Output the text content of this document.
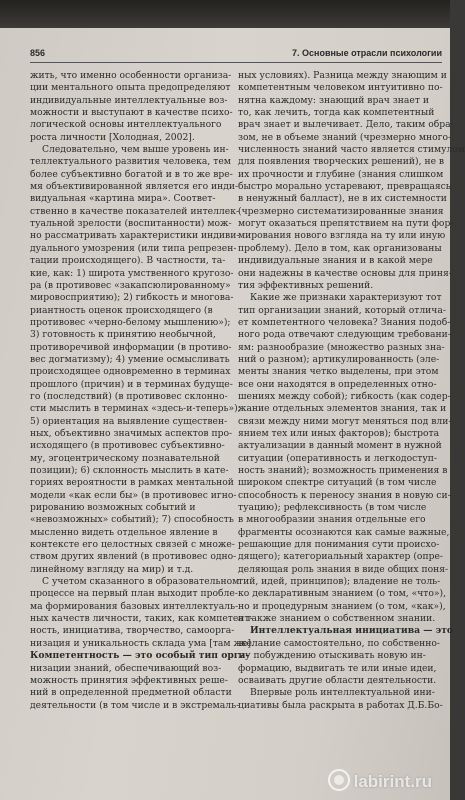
856	7. Основные отрасли психологии
жить, что именно особенности организа-
ции ментального опыта предопределяют
индивидуальные интеллектуальные воз-
можности и выступают в качестве психо-
логической основы интеллектуального
роста личности [Холодная, 2002].
Следовательно, чем выше уровень ин-
теллектуального развития человека, тем
более субъективно богатой и в то же вре-
мя объективированной является его инди-
видуальная «картина мира». Соответ-
ственно в качестве показателей интеллек-
туальной зрелости (воспитанности) мож-
но рассматривать характеристики индиви-
дуального умозрения (или типа репрезен-
тации происходящего). В частности, та-
кие, как: 1) широта умственного кругозо-
ра (в противовес «закапсюлированному»
мировосприятию); 2) гибкость и многова-
риантность оценок происходящего (в
противовес «черно-белому мышлению»);
3) готовность к принятию необычной,
противоречивой информации (в противо-
вес догматизму); 4) умение осмысливать
происходящее одновременно в терминах
прошлого (причин) и в терминах будуще-
го (последствий) (в противовес склонно-
сти мыслить в терминах «здесь-и-теперь»);
5) ориентация на выявление существен-
ных, объективно значимых аспектов про-
исходящего (в противовес субъективно-
му, эгоцентрическому познавательной
позиции); 6) склонность мыслить в кате-
гориях вероятности в рамках ментальной
модели «как если бы» (в противовес игно-
рированию возможных событий и
«невозможных» событий); 7) способность
мысленно видеть отдельное явление в
контексте его целостных связей с множе-
ством других явлений (в противовес одно-
линейному взгляду на мир) и т.д.
С учетом сказанного в образовательном
процессе на первый план выходит пробле-
ма формирования базовых интеллектуаль-
ных качеств личности, таких, как компетент-
ность, инициатива, творчество, самоорга-
низация и уникальность склада ума [там же].
Компетентность — это особый тип орга-
низации знаний, обеспечивающий воз-
можность принятия эффективных реше-
ний в определенной предметной области
деятельности (в том числе и в экстремаль-
ных условиях). Разница между знающим и
компетентным человеком интуитивно по-
нятна каждому: знающий врач знает и
то, как лечить, тогда как компетентный
врач знает и вылечивает. Дело, таким обра-
зом, не в объеме знаний (чрезмерно много-
численность знаний часто является стимулом
для появления творческих решений), не в
их прочности и глубине (знания слишком
быстро морально устаревают, превращаясь
в ненужный балласт), не в их системности
(чрезмерно систематизированные знания
могут оказаться препятствием на пути фор-
мирования нового взгляда на ту или иную
проблему). Дело в том, как организованы
индивидуальные знания и в какой мере
они надежны в качестве основы для приня-
тия эффективных решений.
Какие же признаки характеризуют тот
тип организации знаний, который отлича-
ет компетентного человека? Знания подоб-
ного рода отвечают следующим требовани-
ям: разнообразие (множество разных зна-
ний о разном); артикулированность (эле-
менты знания четко выделены, при этом
все они находятся в определенных отно-
шениях между собой); гибкость (как содер-
жание отдельных элементов знания, так и
связи между ними могут меняться под вли-
янием тех или иных факторов); быстрота
актуализации в данный момент в нужной
ситуации (оперативность и легкодоступ-
ность знаний); возможность применения в
широком спектре ситуаций (в том числе
способность к переносу знания в новую си-
туацию); рефлексивность (в том числе
в многообразии знания отдельные его
фрагменты осознаются как самые важные,
решающие для понимания сути происхо-
дящего); категориальный характер (опре-
деляющая роль знания в виде общих поня-
тий, идей, принципов); владение не толь-
ко декларативным знанием (о том, «что»),
но и процедурным знанием (о том, «как»),
а также знанием о собственном знании.
Интеллектуальная инициатива — это
желание самостоятельно, по собственно-
му побуждению отыскивать новую ин-
формацию, выдвигать те или иные идеи,
осваивать другие области деятельности.
Впервые роль интеллектуальной ини-
циативы была раскрыта в работах Д.Б.Бо-
labirint.ru
